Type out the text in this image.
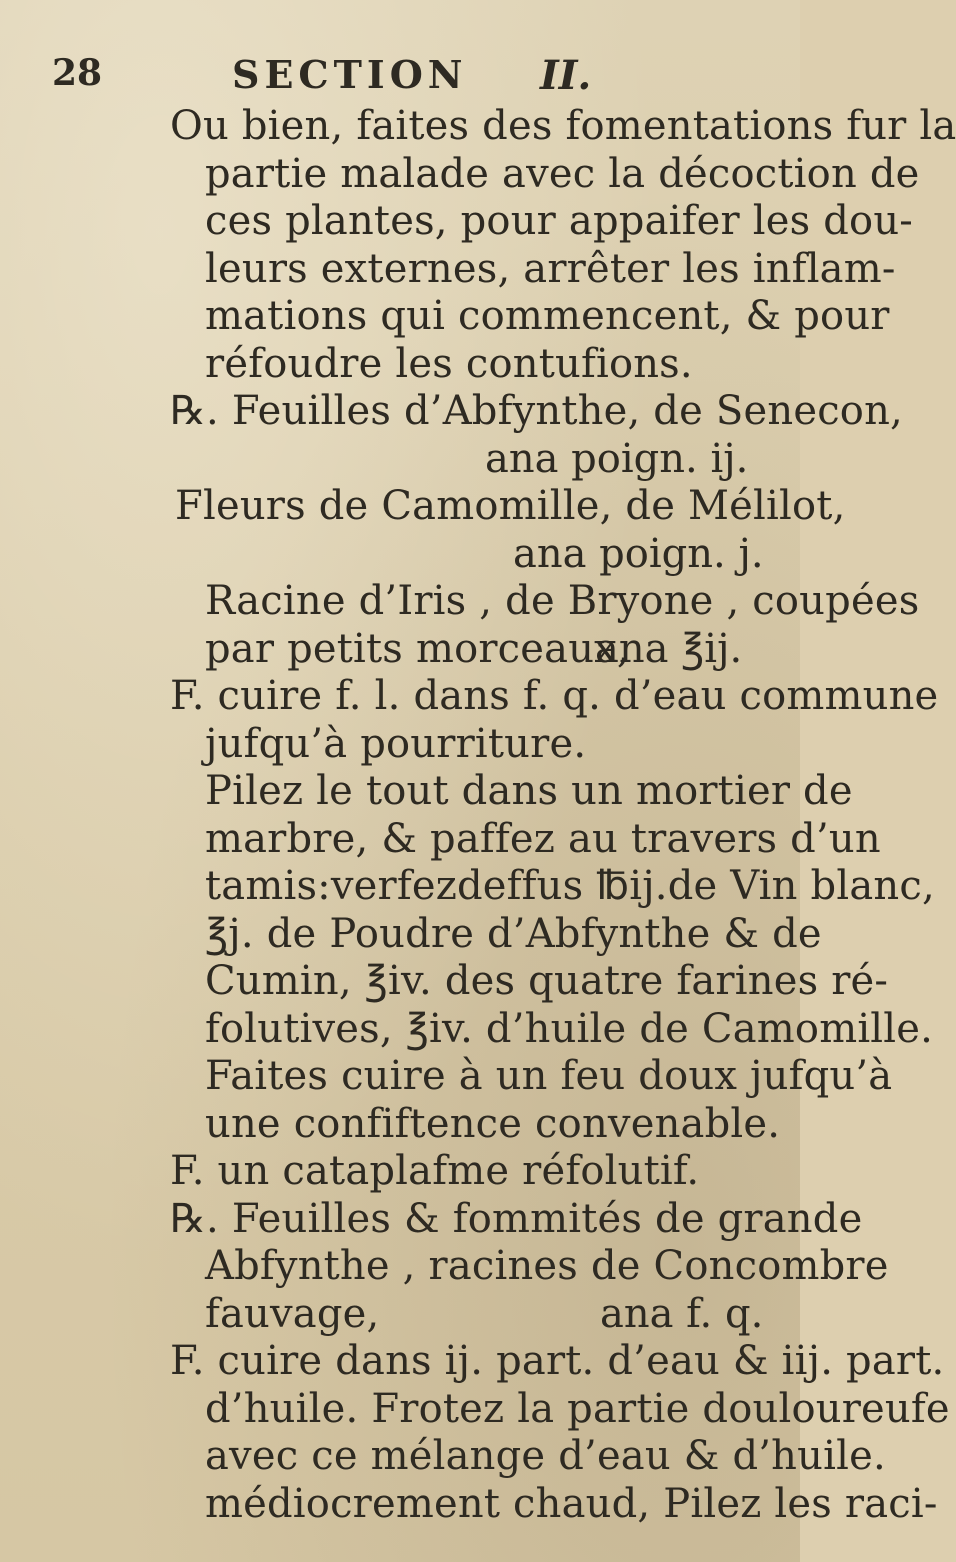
28	SECTION II.
Ou bien, faites des fomentations fur la
partie malade avec la décoction de
ces plantes, pour appaifer les dou-
leurs externes, arrêter les inflam-
mations qui commencent, & pour
réfoudre les contufions.
℞. Feuilles d’Abfynthe, de Senecon,
Fleurs de Camomille, de Mélilot,
Racine d’Iris , de Bryone , coupées
par petits morceaux,
F. cuire f. l. dans f. q. d’eau commune
jufqu’à pourriture.
Pilez le tout dans un mortier de
marbre, & paffez au travers d’un
tamis:verfezdeffus ℔ij.de Vin blanc,
℥j. de Poudre d’Abfynthe & de
Cumin, ℥iv. des quatre farines ré-
folutives, ℥iv. d’huile de Camomille.
Faites cuire à un feu doux jufqu’à
une confiftence convenable.
F. un cataplafme réfolutif.
℞. Feuilles & fommités de grande
Abfynthe , racines de Concombre
fauvage,
F. cuire dans ij. part. d’eau & iij. part.
d’huile. Frotez la partie douloureufe
avec ce mélange d’eau & d’huile.
médiocrement chaud, Pilez les raci-
ana poign. ij.
ana poign. j.
ana ℥ij.
ana f. q.
